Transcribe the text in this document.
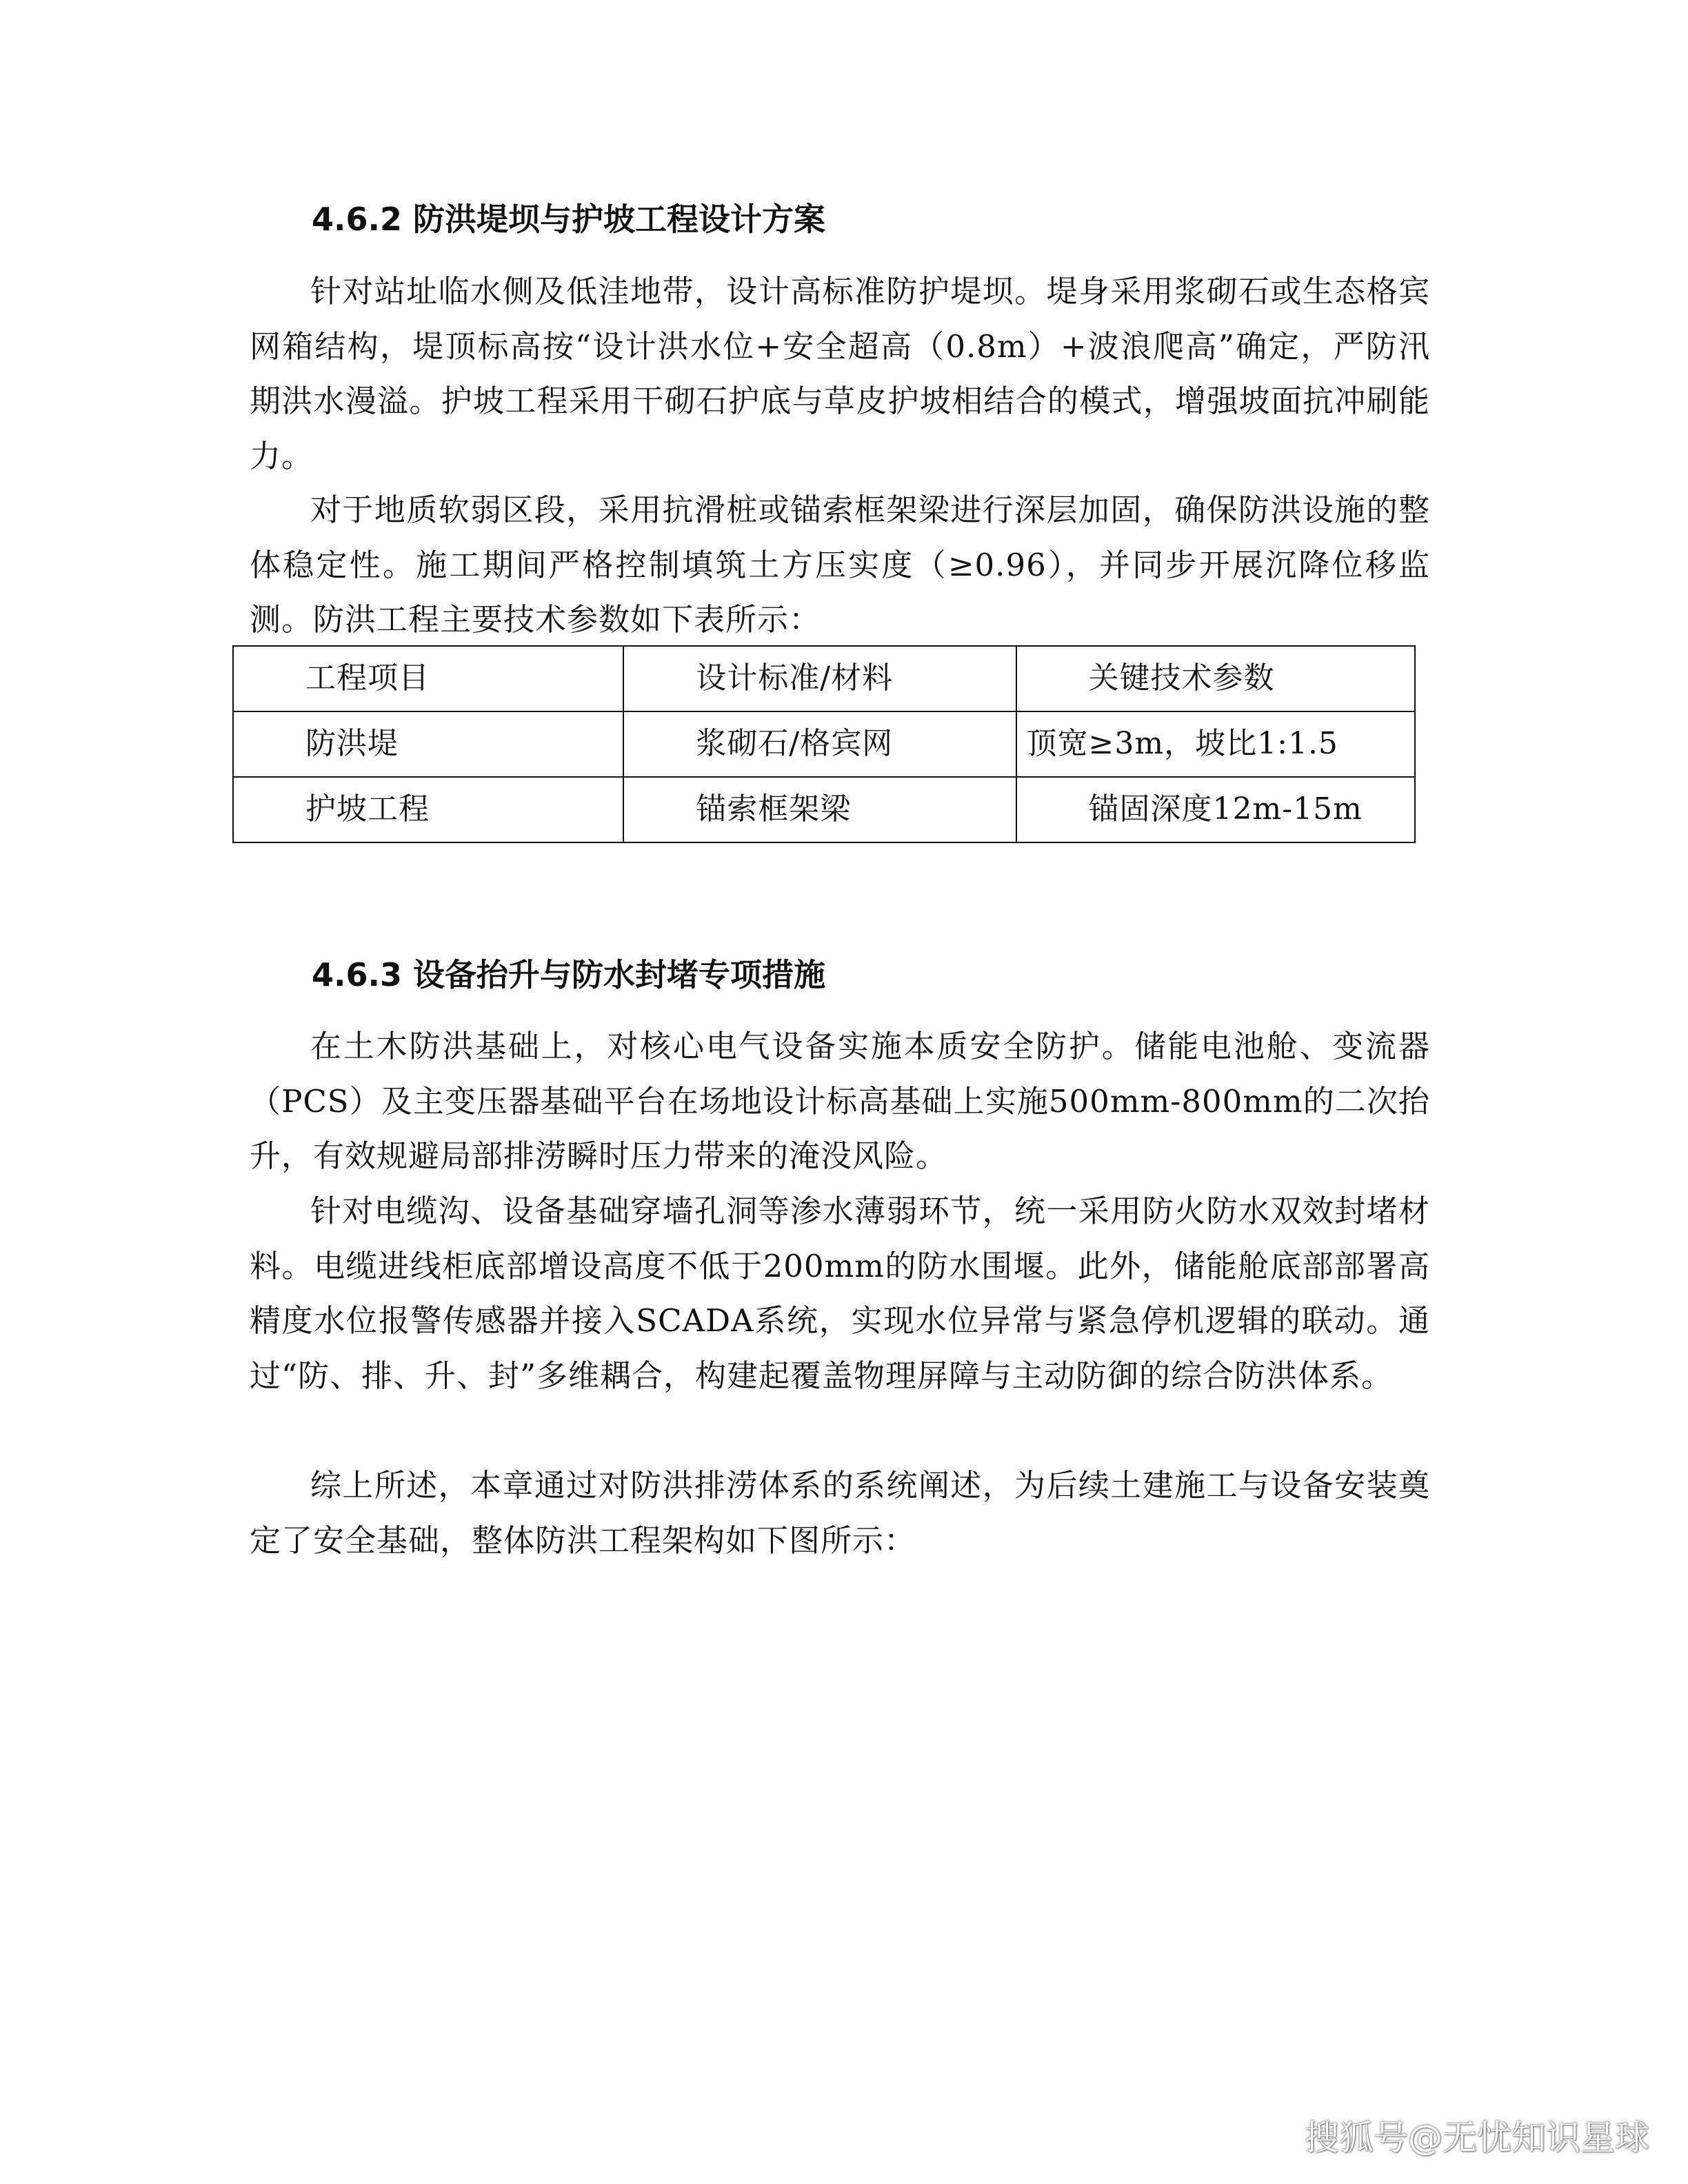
4.6.2 防洪堤坝与护坡工程设计方案

针对站址临水侧及低洼地带，设计高标准防护堤坝。堤身采用浆砌石或生态格宾网箱结构，堤顶标高按“设计洪水位+安全超高（0.8m）+波浪爬高”确定，严防汛期洪水漫溢。护坡工程采用干砌石护底与草皮护坡相结合的模式，增强坡面抗冲刷能力。

对于地质软弱区段，采用抗滑桩或锚索框架梁进行深层加固，确保防洪设施的整体稳定性。施工期间严格控制填筑土方压实度（≥0.96），并同步开展沉降位移监测。防洪工程主要技术参数如下表所示：

工程项目	设计标准/材料	关键技术参数
防洪堤	浆砌石/格宾网	顶宽≥3m，坡比1:1.5
护坡工程	锚索框架梁	锚固深度12m-15m
4.6.3 设备抬升与防水封堵专项措施

在土木防洪基础上，对核心电气设备实施本质安全防护。储能电池舱、变流器（PCS）及主变压器基础平台在场地设计标高基础上实施500mm-800mm的二次抬升，有效规避局部排涝瞬时压力带来的淹没风险。

针对电缆沟、设备基础穿墙孔洞等渗水薄弱环节，统一采用防火防水双效封堵材料。电缆进线柜底部增设高度不低于200mm的防水围堰。此外，储能舱底部部署高精度水位报警传感器并接入SCADA系统，实现水位异常与紧急停机逻辑的联动。通过“防、排、升、封”多维耦合，构建起覆盖物理屏障与主动防御的综合防洪体系。

综上所述，本章通过对防洪排涝体系的系统阐述，为后续土建施工与设备安装奠定了安全基础，整体防洪工程架构如下图所示：

搜狐号@无忧知识星球
